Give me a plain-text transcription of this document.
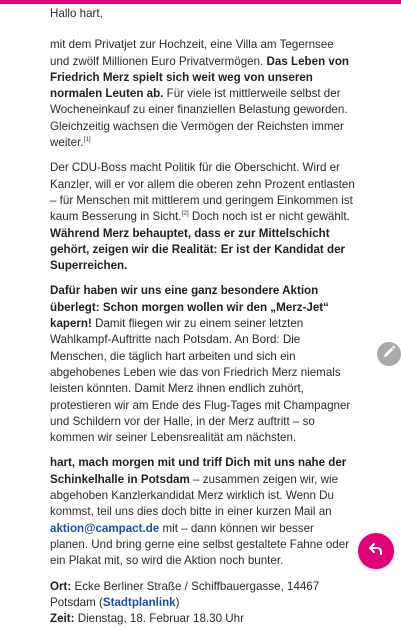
Hallo hart,

mit dem Privatjet zur Hochzeit, eine Villa am Tegernsee und zwölf Millionen Euro Privatvermögen. Das Leben von Friedrich Merz spielt sich weit weg von unseren normalen Leuten ab. Für viele ist mittlerweile selbst der Wocheneinkauf zu einer finanziellen Belastung geworden. Gleichzeitig wachsen die Vermögen der Reichsten immer weiter.[1]

Der CDU-Boss macht Politik für die Oberschicht. Wird er Kanzler, will er vor allem die oberen zehn Prozent entlasten – für Menschen mit mittlerem und geringem Einkommen ist kaum Besserung in Sicht.[2] Doch noch ist er nicht gewählt. Während Merz behauptet, dass er zur Mittelschicht gehört, zeigen wir die Realität: Er ist der Kandidat der Superreichen.

Dafür haben wir uns eine ganz besondere Aktion überlegt: Schon morgen wollen wir den „Merz-Jet“ kapern! Damit fliegen wir zu einem seiner letzten Wahlkampf-Auftritte nach Potsdam. An Bord: Die Menschen, die täglich hart arbeiten und sich ein abgehobenes Leben wie das von Friedrich Merz niemals leisten könnten. Damit Merz ihnen endlich zuhört, protestieren wir am Ende des Flug-Tages mit Champagner und Schildern vor der Halle, in der Merz auftritt – so kommen wir seiner Lebensrealität am nächsten.

hart, mach morgen mit und triff Dich mit uns nahe der Schinkelhalle in Potsdam – zusammen zeigen wir, wie abgehoben Kanzlerkandidat Merz wirklich ist. Wenn Du kommst, teil uns dies doch bitte in einer kurzen Mail an aktion@campact.de mit – dann können wir besser planen. Und bring gerne eine selbst gestaltete Fahne oder ein Plakat mit, so wird die Aktion noch bunter.

Ort: Ecke Berliner Straße / Schiffbauergasse, 14467 Potsdam (Stadtplanlink)
Zeit: Dienstag, 18. Februar 18.30 Uhr
